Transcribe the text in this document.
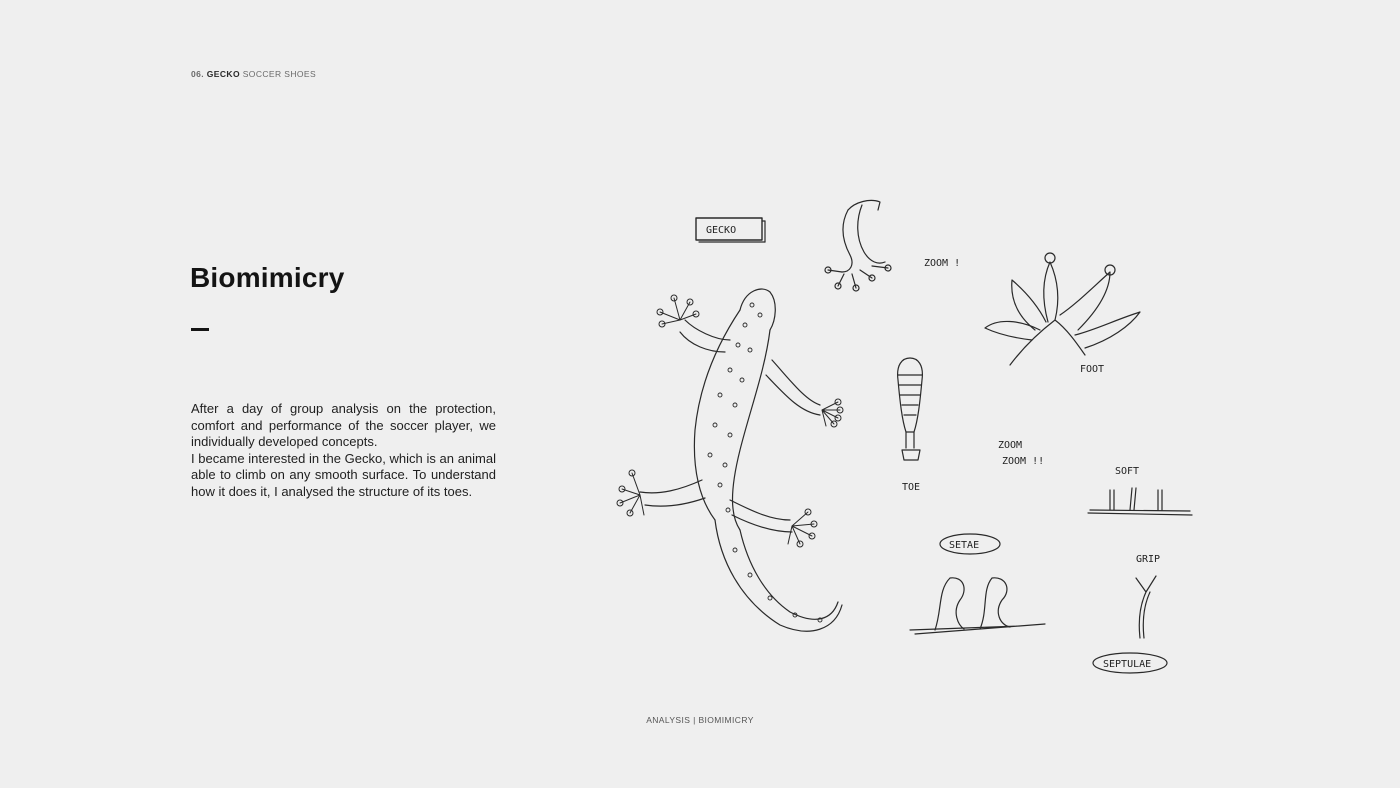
06. GECKO SOCCER SHOES
Biomimicry

After a day of group analysis on the protection, comfort and performance of the soccer player, we individually developed concepts.

I became interested in the Gecko, which is an animal able to climb on any smooth surface. To understand how it does it, I analysed the structure of its toes.

GECKO
ZOOM !
FOOT
TOE
ZOOM
ZOOM !!
SOFT
SETAE
GRIP
SEPTULAE
ANALYSIS | BIOMIMICRY
